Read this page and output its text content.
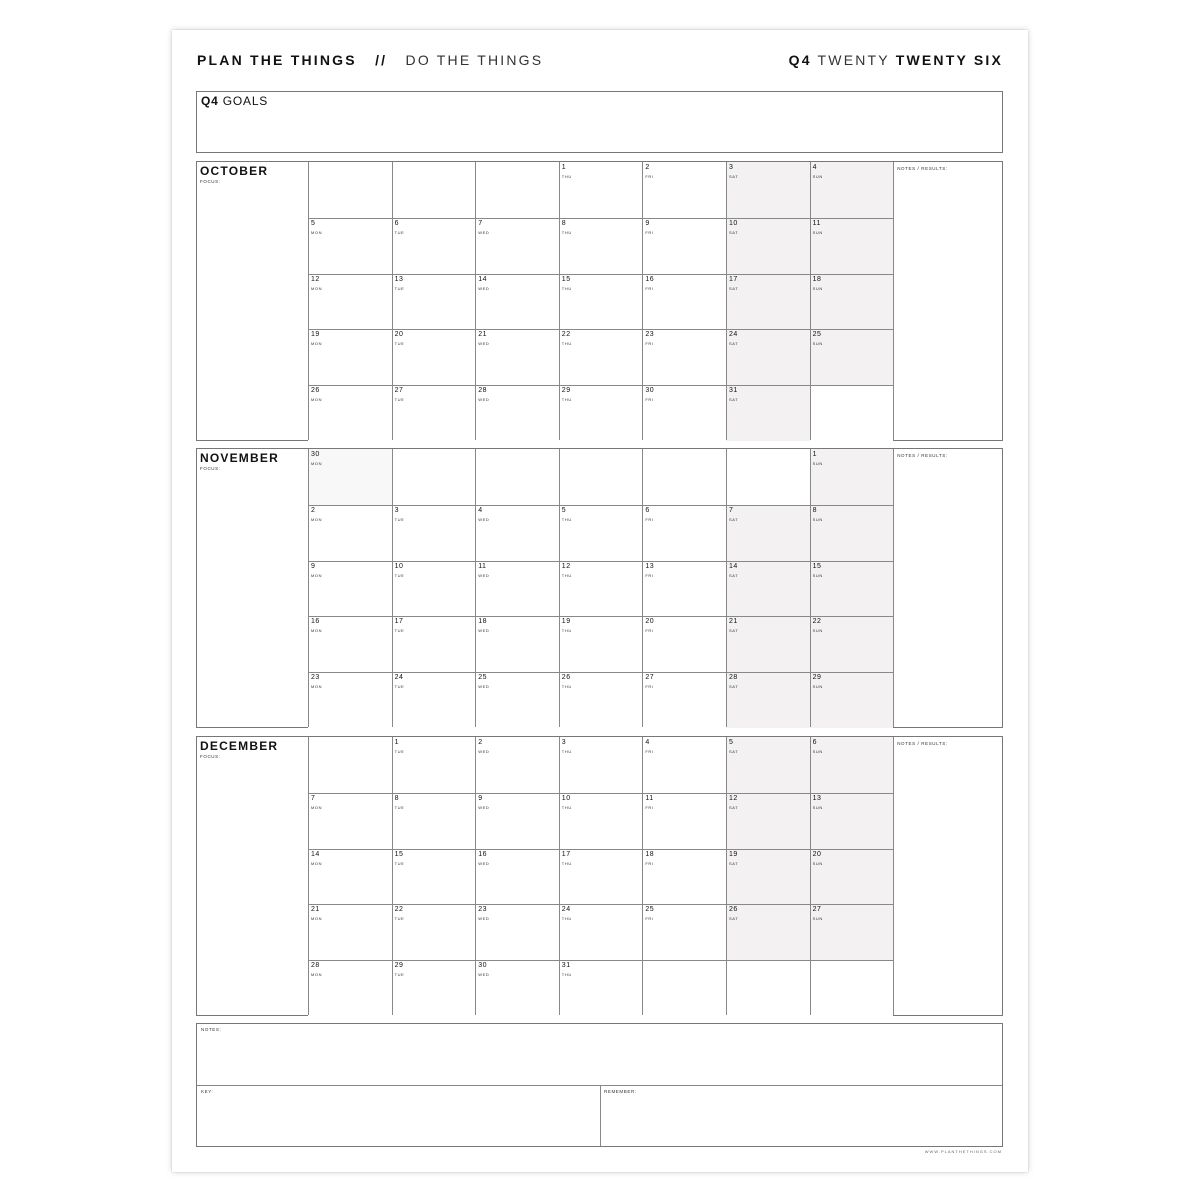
PLAN THE THINGS // DO THE THINGS	Q4 TWENTY TWENTY SIX
Q4 GOALS
OCTOBER
FOCUS:
1
THU
2
FRI
3
SAT
4
SUN
5
MON
6
TUE
7
WED
8
THU
9
FRI
10
SAT
11
SUN
12
MON
13
TUE
14
WED
15
THU
16
FRI
17
SAT
18
SUN
19
MON
20
TUE
21
WED
22
THU
23
FRI
24
SAT
25
SUN
26
MON
27
TUE
28
WED
29
THU
30
FRI
31
SAT
NOTES / RESULTS:
NOVEMBER
FOCUS:
30
MON
1
SUN
2
MON
3
TUE
4
WED
5
THU
6
FRI
7
SAT
8
SUN
9
MON
10
TUE
11
WED
12
THU
13
FRI
14
SAT
15
SUN
16
MON
17
TUE
18
WED
19
THU
20
FRI
21
SAT
22
SUN
23
MON
24
TUE
25
WED
26
THU
27
FRI
28
SAT
29
SUN
NOTES / RESULTS:
DECEMBER
FOCUS:
1
TUE
2
WED
3
THU
4
FRI
5
SAT
6
SUN
7
MON
8
TUE
9
WED
10
THU
11
FRI
12
SAT
13
SUN
14
MON
15
TUE
16
WED
17
THU
18
FRI
19
SAT
20
SUN
21
MON
22
TUE
23
WED
24
THU
25
FRI
26
SAT
27
SUN
28
MON
29
TUE
30
WED
31
THU
NOTES / RESULTS:
NOTES:
KEY:	REMEMBER:
WWW.PLANTHETHINGS.COM
